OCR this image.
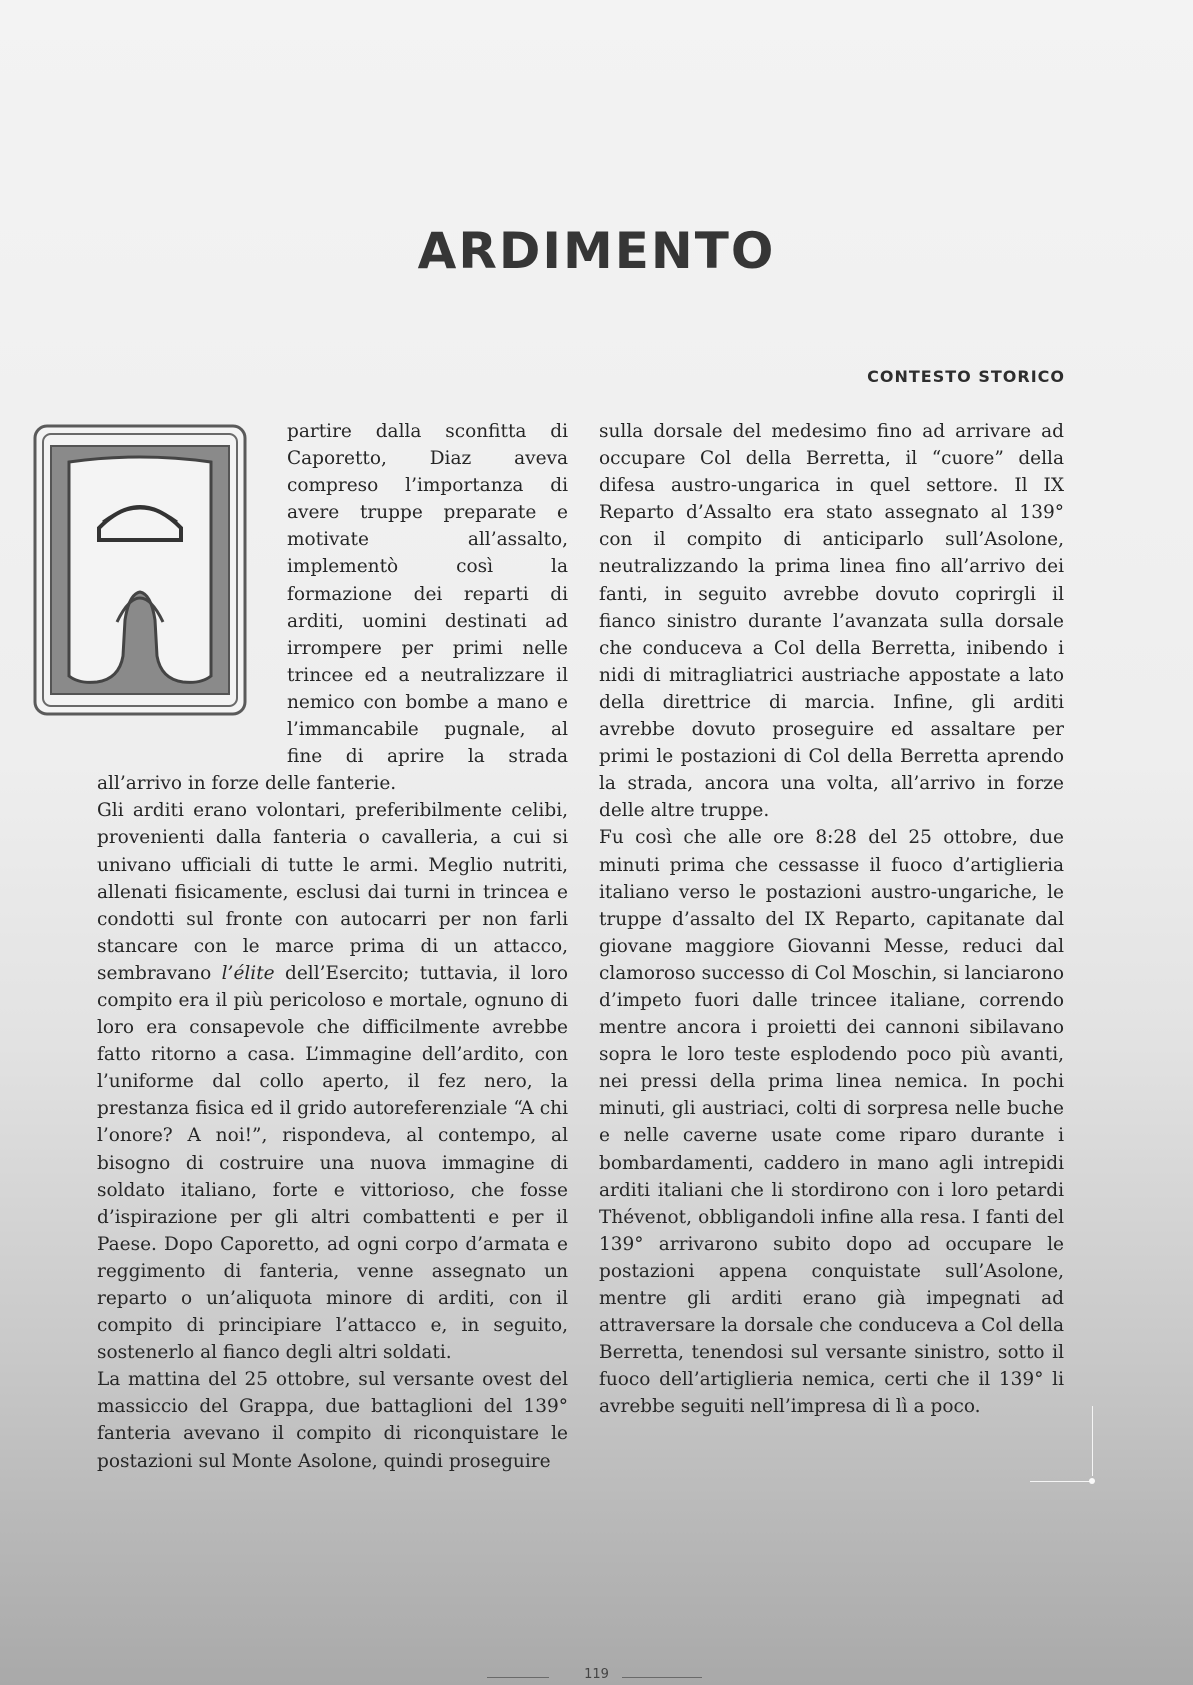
ARDIMENTO
CONTESTO STORICO

partire dalla sconfitta di Caporetto, Diaz aveva compreso l’importanza di avere truppe preparate e motivate all’assalto, implementò così la formazione dei reparti di arditi, uomini destinati ad irrompere per primi nelle trincee ed a neutralizzare il nemico con bombe a mano e l’immancabile pugnale, al fine di aprire la strada all’arrivo in forze delle fanterie.

Gli arditi erano volontari, preferibilmente celibi, provenienti dalla fanteria o cavalleria, a cui si univano ufficiali di tutte le armi. Meglio nutriti, allenati fisicamente, esclusi dai turni in trincea e condotti sul fronte con autocarri per non farli stancare con le marce prima di un attacco, sembravano l’élite dell’Esercito; tuttavia, il loro compito era il più pericoloso e mortale, ognuno di loro era consapevole che difficilmente avrebbe fatto ritorno a casa. L’immagine dell’ardito, con l’uniforme dal collo aperto, il fez nero, la prestanza fisica ed il grido autoreferenziale “A chi l’onore? A noi!”, rispondeva, al contempo, al bisogno di costruire una nuova immagine di soldato italiano, forte e vittorioso, che fosse d’ispirazione per gli altri combattenti e per il Paese. Dopo Caporetto, ad ogni corpo d’armata e reggimento di fanteria, venne assegnato un reparto o un’aliquota minore di arditi, con il compito di principiare l’attacco e, in seguito, sostenerlo al fianco degli altri soldati.

La mattina del 25 ottobre, sul versante ovest del massiccio del Grappa, due battaglioni del 139° fanteria avevano il compito di riconquistare le postazioni sul Monte Asolone, quindi proseguire

sulla dorsale del medesimo fino ad arrivare ad occupare Col della Berretta, il “cuore” della difesa austro-ungarica in quel settore. Il IX Reparto d’Assalto era stato assegnato al 139° con il compito di anticiparlo sull’Asolone, neutralizzando la prima linea fino all’arrivo dei fanti, in seguito avrebbe dovuto coprirgli il fianco sinistro durante l’avanzata sulla dorsale che conduceva a Col della Berretta, inibendo i nidi di mitragliatrici austriache appostate a lato della direttrice di marcia. Infine, gli arditi avrebbe dovuto proseguire ed assaltare per primi le postazioni di Col della Berretta aprendo la strada, ancora una volta, all’arrivo in forze delle altre truppe.

Fu così che alle ore 8:28 del 25 ottobre, due minuti prima che cessasse il fuoco d’artiglieria italiano verso le postazioni austro-ungariche, le truppe d’assalto del IX Reparto, capitanate dal giovane maggiore Giovanni Messe, reduci dal clamoroso successo di Col Moschin, si lanciarono d’impeto fuori dalle trincee italiane, correndo mentre ancora i proietti dei cannoni sibilavano sopra le loro teste esplodendo poco più avanti, nei pressi della prima linea nemica. In pochi minuti, gli austriaci, colti di sorpresa nelle buche e nelle caverne usate come riparo durante i bombardamenti, caddero in mano agli intrepidi arditi italiani che li stordirono con i loro petardi Thévenot, obbligandoli infine alla resa. I fanti del 139° arrivarono subito dopo ad occupare le postazioni appena conquistate sull’Asolone, mentre gli arditi erano già impegnati ad attraversare la dorsale che conduceva a Col della Berretta, tenendosi sul versante sinistro, sotto il fuoco dell’artiglieria nemica, certi che il 139° li avrebbe seguiti nell’impresa di lì a poco.

119
